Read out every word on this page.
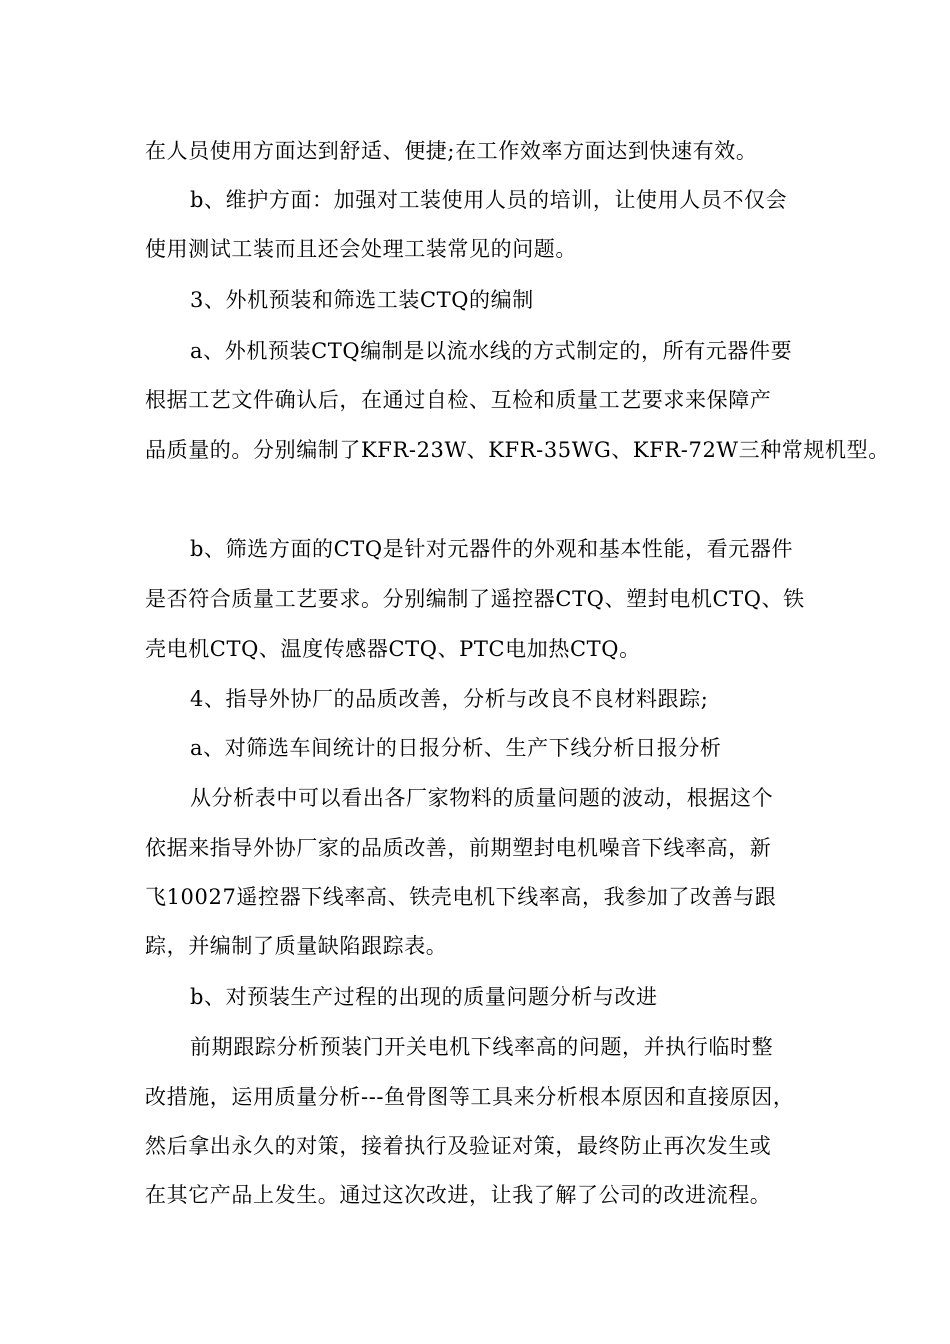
在人员使用方面达到舒适、便捷;在工作效率方面达到快速有效。
b、维护方面：加强对工装使用人员的培训，让使用人员不仅会
使用测试工装而且还会处理工装常见的问题。
3、外机预装和筛选工装CTQ的编制
a、外机预装CTQ编制是以流水线的方式制定的，所有元器件要
根据工艺文件确认后，在通过自检、互检和质量工艺要求来保障产
品质量的。分别编制了KFR-23W、KFR-35WG、KFR-72W三种常规机型。
b、筛选方面的CTQ是针对元器件的外观和基本性能，看元器件
是否符合质量工艺要求。分别编制了遥控器CTQ、塑封电机CTQ、铁
壳电机CTQ、温度传感器CTQ、PTC电加热CTQ。
4、指导外协厂的品质改善，分析与改良不良材料跟踪;
a、对筛选车间统计的日报分析、生产下线分析日报分析
从分析表中可以看出各厂家物料的质量问题的波动，根据这个
依据来指导外协厂家的品质改善，前期塑封电机噪音下线率高，新
飞10027遥控器下线率高、铁壳电机下线率高，我参加了改善与跟
踪，并编制了质量缺陷跟踪表。
b、对预装生产过程的出现的质量问题分析与改进
前期跟踪分析预装门开关电机下线率高的问题，并执行临时整
改措施，运用质量分析---鱼骨图等工具来分析根本原因和直接原因，
然后拿出永久的对策，接着执行及验证对策，最终防止再次发生或
在其它产品上发生。通过这次改进，让我了解了公司的改进流程。
